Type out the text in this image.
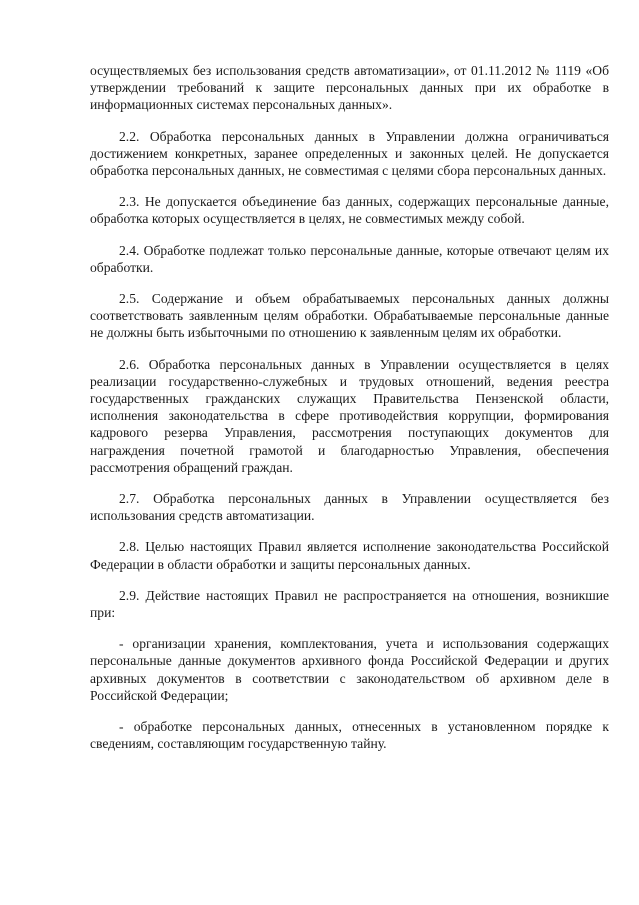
осуществляемых без использования средств автоматизации», от 01.11.2012 № 1119 «Об утверждении требований к защите персональных данных при их обработке в информационных системах персональных данных».

2.2. Обработка персональных данных в Управлении должна ограничиваться достижением конкретных, заранее определенных и законных целей. Не допускается обработка персональных данных, не совместимая с целями сбора персональных данных.

2.3. Не допускается объединение баз данных, содержащих персональные данные, обработка которых осуществляется в целях, не совместимых между собой.

2.4. Обработке подлежат только персональные данные, которые отвечают целям их обработки.

2.5. Содержание и объем обрабатываемых персональных данных должны соответствовать заявленным целям обработки. Обрабатываемые персональные данные не должны быть избыточными по отношению к заявленным целям их обработки.

2.6. Обработка персональных данных в Управлении осуществляется в целях реализации государственно-служебных и трудовых отношений, ведения реестра государственных гражданских служащих Правительства Пензенской области, исполнения законодательства в сфере противодействия коррупции, формирования кадрового резерва Управления, рассмотрения поступающих документов для награждения почетной грамотой и благодарностью Управления, обеспечения рассмотрения обращений граждан.

2.7. Обработка персональных данных в Управлении осуществляется без использования средств автоматизации.

2.8. Целью настоящих Правил является исполнение законодательства Российской Федерации в области обработки и защиты персональных данных.

2.9. Действие настоящих Правил не распространяется на отношения, возникшие при:

- организации хранения, комплектования, учета и использования содержащих персональные данные документов архивного фонда Российской Федерации и других архивных документов в соответствии с законодательством об архивном деле в Российской Федерации;

- обработке персональных данных, отнесенных в установленном порядке к сведениям, составляющим государственную тайну.
